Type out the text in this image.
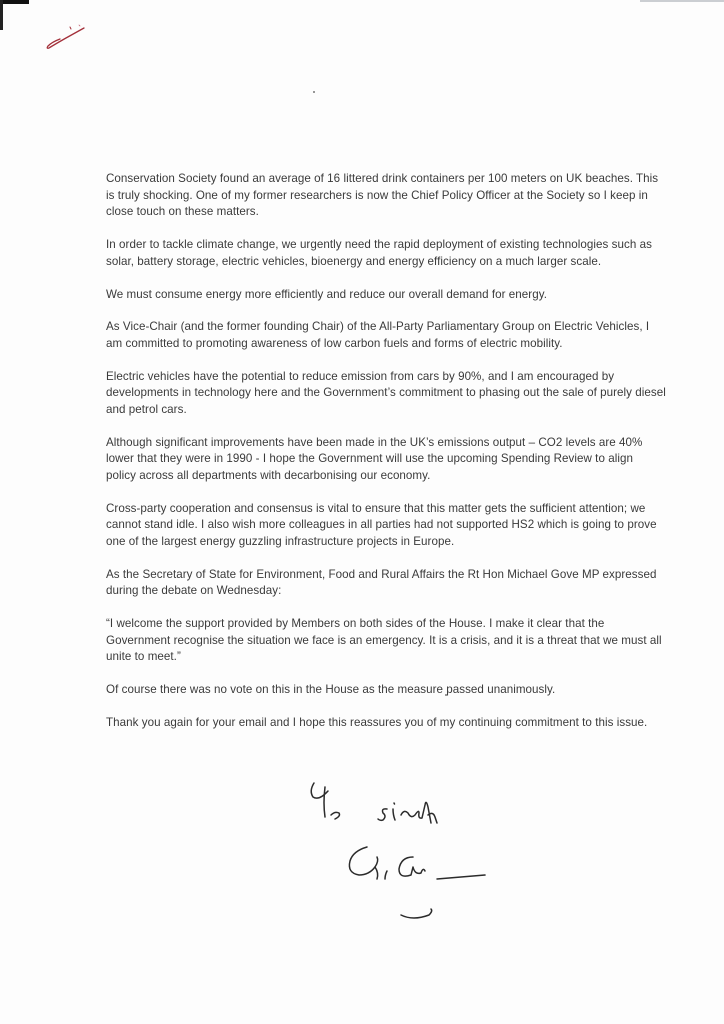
Conservation Society found an average of 16 littered drink containers per 100 meters on UK beaches. This is truly shocking. One of my former researchers is now the Chief Policy Officer at the Society so I keep in close touch on these matters.

In order to tackle climate change, we urgently need the rapid deployment of existing technologies such as solar, battery storage, electric vehicles, bioenergy and energy efficiency on a much larger scale.

We must consume energy more efficiently and reduce our overall demand for energy.

As Vice-Chair (and the former founding Chair) of the All-Party Parliamentary Group on Electric Vehicles, I am committed to promoting awareness of low carbon fuels and forms of electric mobility.

Electric vehicles have the potential to reduce emission from cars by 90%, and I am encouraged by developments in technology here and the Government’s commitment to phasing out the sale of purely diesel and petrol cars.

Although significant improvements have been made in the UK’s emissions output – CO2 levels are 40% lower that they were in 1990 - I hope the Government will use the upcoming Spending Review to align policy across all departments with decarbonising our economy.

Cross-party cooperation and consensus is vital to ensure that this matter gets the sufficient attention; we cannot stand idle. I also wish more colleagues in all parties had not supported HS2 which is going to prove one of the largest energy guzzling infrastructure projects in Europe.

As the Secretary of State for Environment, Food and Rural Affairs the Rt Hon Michael Gove MP expressed during the debate on Wednesday:

“I welcome the support provided by Members on both sides of the House. I make it clear that the Government recognise the situation we face is an emergency. It is a crisis, and it is a threat that we must all unite to meet.”

Of course there was no vote on this in the House as the measure passed unanimously.

Thank you again for your email and I hope this reassures you of my continuing commitment to this issue.
